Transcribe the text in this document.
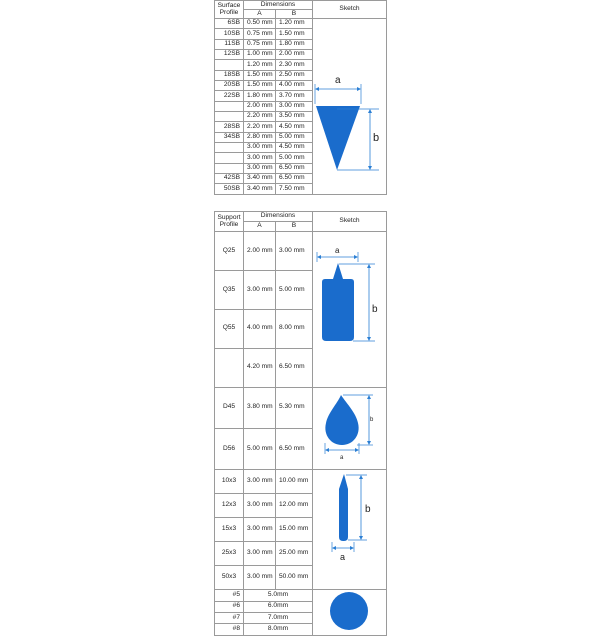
Surface
Profile	Dimensions		Sketch
	A	B	
6SB	0.50 mm	1.20 mm	a
b

10SB	0.75 mm	1.50 mm	
11SB	0.75 mm	1.80 mm	
12SB	1.00 mm	2.00 mm	
	1.20 mm	2.30 mm	
18SB	1.50 mm	2.50 mm	
20SB	1.50 mm	4.00 mm	
22SB	1.80 mm	3.70 mm	
	2.00 mm	3.00 mm	
	2.20 mm	3.50 mm	
28SB	2.20 mm	4.50 mm	
34SB	2.80 mm	5.00 mm	
	3.00 mm	4.50 mm	
	3.00 mm	5.00 mm	
	3.00 mm	6.50 mm	
42SB	3.40 mm	6.50 mm	
50SB	3.40 mm	7.50 mm	
Support
Profile	Dimensions		Sketch
	A	B	
Q25	2.00 mm	3.00 mm	a
b

Q35	3.00 mm	5.00 mm	
Q55	4.00 mm	8.00 mm	
	4.20 mm	6.50 mm	
D45	3.80 mm	5.30 mm	b
a

D56	5.00 mm	6.50 mm	
10x3	3.00 mm	10.00 mm	b
a

12x3	3.00 mm	12.00 mm	
15x3	3.00 mm	15.00 mm	
25x3	3.00 mm	25.00 mm	
50x3	3.00 mm	50.00 mm	
#5	5.0mm	
#6	6.0mm		
#7	7.0mm		
#8	8.0mm		
